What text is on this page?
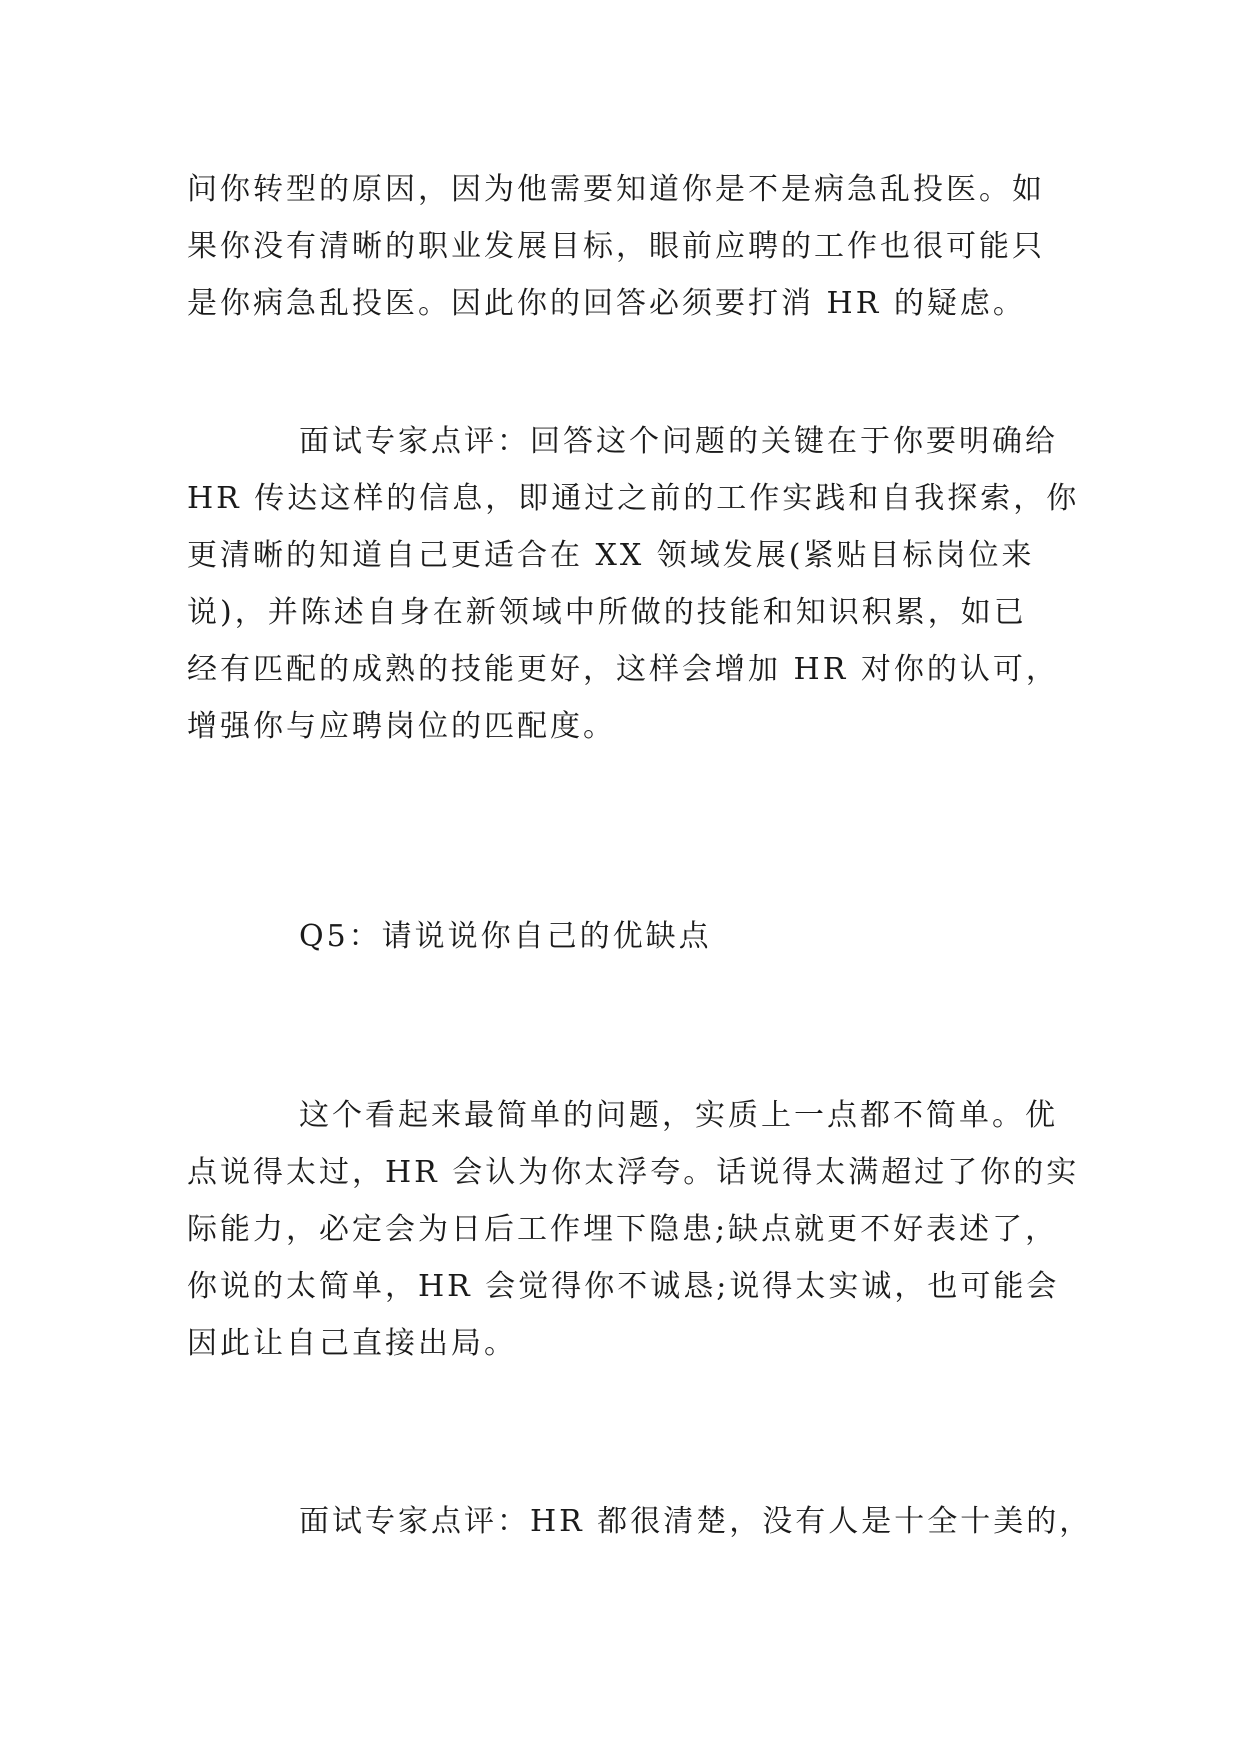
问你转型的原因，因为他需要知道你是不是病急乱投医。如
果你没有清晰的职业发展目标，眼前应聘的工作也很可能只
是你病急乱投医。因此你的回答必须要打消 HR 的疑虑。

面试专家点评：回答这个问题的关键在于你要明确给
HR 传达这样的信息，即通过之前的工作实践和自我探索，你
更清晰的知道自己更适合在 XX 领域发展(紧贴目标岗位来
说)，并陈述自身在新领域中所做的技能和知识积累，如已
经有匹配的成熟的技能更好，这样会增加 HR 对你的认可，
增强你与应聘岗位的匹配度。

Q5：请说说你自己的优缺点

这个看起来最简单的问题，实质上一点都不简单。优
点说得太过，HR 会认为你太浮夸。话说得太满超过了你的实
际能力，必定会为日后工作埋下隐患;缺点就更不好表述了，
你说的太简单，HR 会觉得你不诚恳;说得太实诚，也可能会
因此让自己直接出局。

面试专家点评：HR 都很清楚，没有人是十全十美的，
